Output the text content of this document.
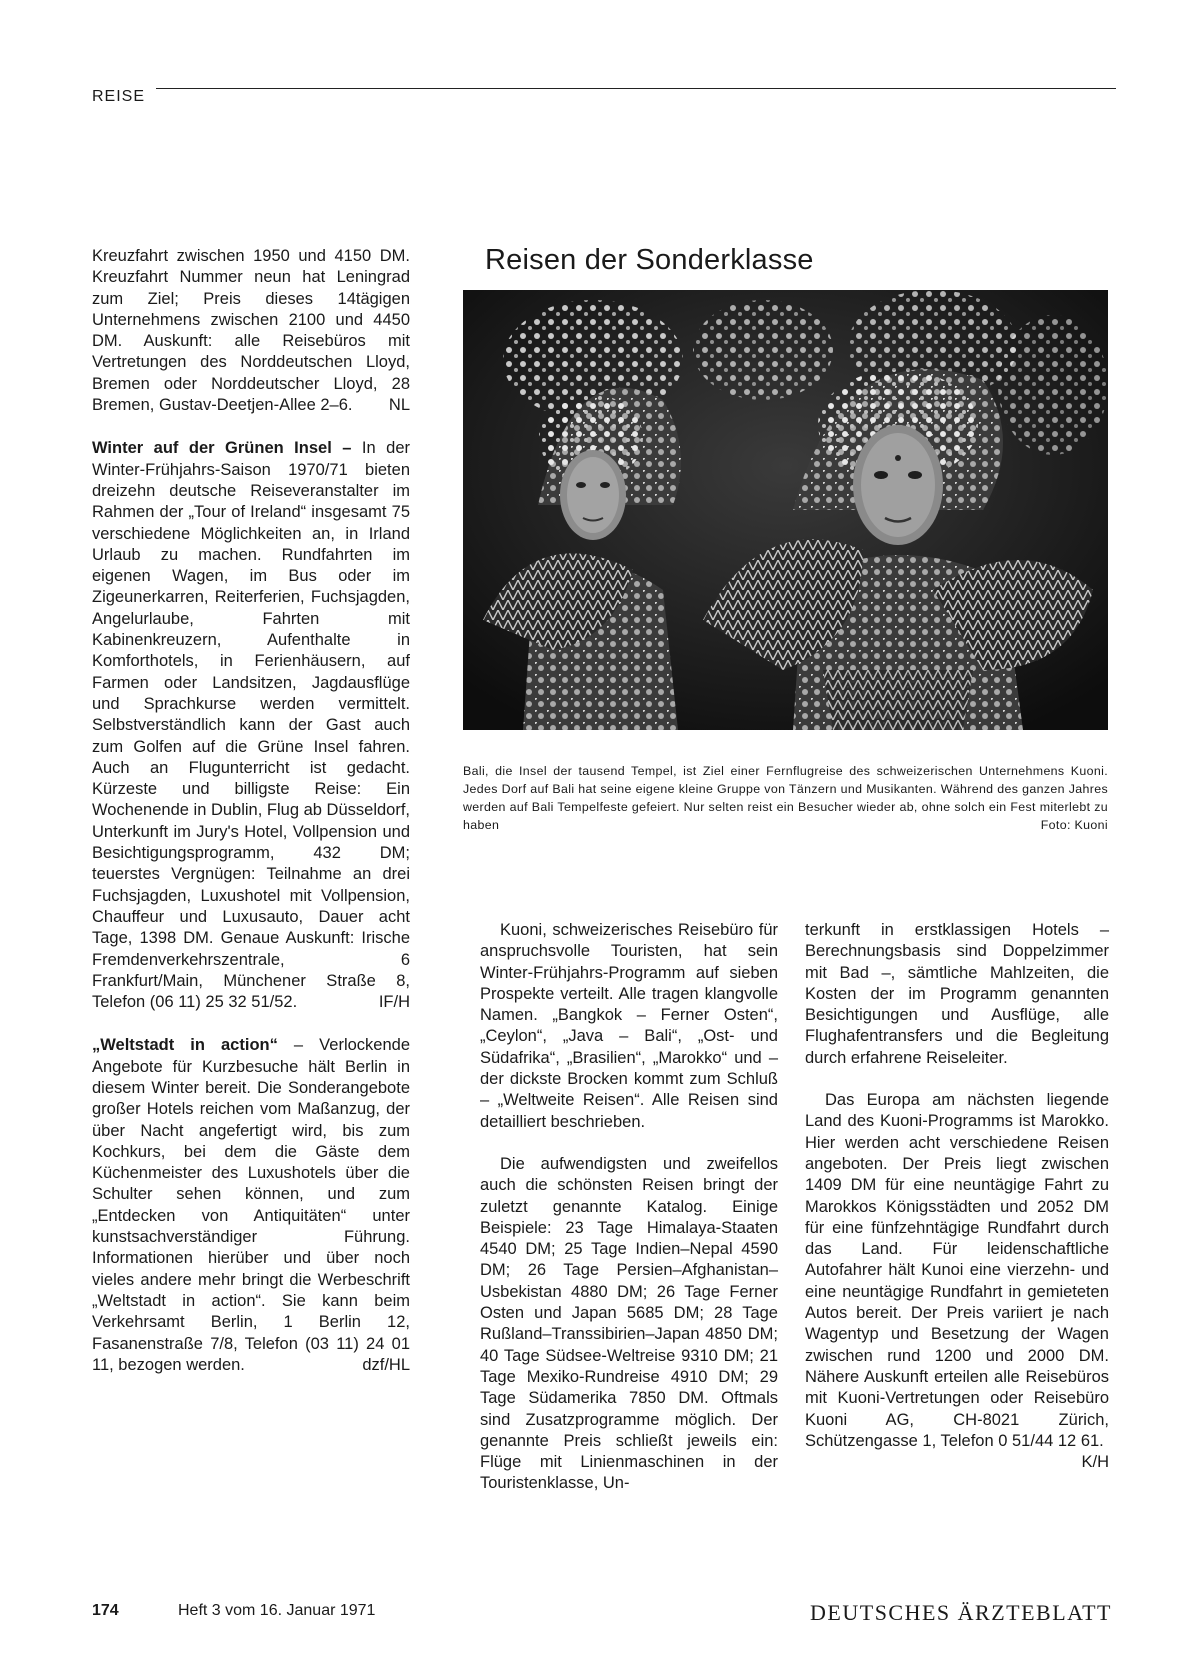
REISE

Kreuzfahrt zwischen 1950 und 4150 DM. Kreuzfahrt Nummer neun hat Leningrad zum Ziel; Preis dieses 14tägigen Unternehmens zwischen 2100 und 4450 DM. Auskunft: alle Reisebüros mit Vertretungen des Norddeutschen Lloyd, Bremen oder Norddeutscher Lloyd, 28 Bremen, Gustav-Deetjen-Allee 2–6. NL

Winter auf der Grünen Insel – In der Winter-Frühjahrs-Saison 1970/71 bieten dreizehn deutsche Reiseveranstalter im Rahmen der „Tour of Ireland“ insgesamt 75 verschiedene Möglichkeiten an, in Irland Urlaub zu machen. Rundfahrten im eigenen Wagen, im Bus oder im Zigeunerkarren, Reiterferien, Fuchsjagden, Angelurlaube, Fahrten mit Kabinenkreuzern, Aufenthalte in Komforthotels, in Ferienhäusern, auf Farmen oder Landsitzen, Jagdausflüge und Sprachkurse werden vermittelt. Selbstverständlich kann der Gast auch zum Golfen auf die Grüne Insel fahren. Auch an Flugunterricht ist gedacht. Kürzeste und billigste Reise: Ein Wochenende in Dublin, Flug ab Düsseldorf, Unterkunft im Jury's Hotel, Vollpension und Besichtigungsprogramm, 432 DM; teuerstes Vergnügen: Teilnahme an drei Fuchsjagden, Luxushotel mit Vollpension, Chauffeur und Luxusauto, Dauer acht Tage, 1398 DM. Genaue Auskunft: Irische Fremdenverkehrszentrale, 6 Frankfurt/Main, Münchener Straße 8, Telefon (06 11) 25 32 51/52.	IF/H

„Weltstadt in action“ – Verlockende Angebote für Kurzbesuche hält Berlin in diesem Winter bereit. Die Sonderangebote großer Hotels reichen vom Maßanzug, der über Nacht angefertigt wird, bis zum Kochkurs, bei dem die Gäste dem Küchenmeister des Luxushotels über die Schulter sehen können, und zum „Entdecken von Antiquitäten“ unter kunstsachverständiger Führung. Informationen hierüber und über noch vieles andere mehr bringt die Werbeschrift „Weltstadt in action“. Sie kann beim Verkehrsamt Berlin, 1 Berlin 12, Fasanenstraße 7/8, Telefon (03 11) 24 01 11, bezogen werden.	dzf/HL

Reisen der Sonderklasse
Bali, die Insel der tausend Tempel, ist Ziel einer Fernflugreise des schweizerischen Unternehmens Kuoni. Jedes Dorf auf Bali hat seine eigene kleine Gruppe von Tänzern und Musikanten. Während des ganzen Jahres werden auf Bali Tempelfeste gefeiert. Nur selten reist ein Besucher wieder ab, ohne solch ein Fest miterlebt zu haben	Foto: Kuoni

Kuoni, schweizerisches Reisebüro für anspruchsvolle Touristen, hat sein Winter-Frühjahrs-Programm auf sieben Prospekte verteilt. Alle tragen klangvolle Namen. „Bangkok – Ferner Osten“, „Ceylon“, „Java – Bali“, „Ost- und Südafrika“, „Brasilien“, „Marokko“ und – der dickste Brocken kommt zum Schluß – „Weltweite Reisen“. Alle Reisen sind detailliert beschrieben.

Die aufwendigsten und zweifellos auch die schönsten Reisen bringt der zuletzt genannte Katalog. Einige Beispiele: 23 Tage Himalaya-Staaten 4540 DM; 25 Tage Indien–Nepal 4590 DM; 26 Tage Persien–Afghanistan–Usbekistan 4880 DM; 26 Tage Ferner Osten und Japan 5685 DM; 28 Tage Rußland–Transsibirien–Japan 4850 DM; 40 Tage Südsee-Weltreise 9310 DM; 21 Tage Mexiko-Rundreise 4910 DM; 29 Tage Südamerika 7850 DM. Oftmals sind Zusatzprogramme möglich. Der genannte Preis schließt jeweils ein: Flüge mit Linienmaschinen in der Touristenklasse, Un-

terkunft in erstklassigen Hotels – Berechnungsbasis sind Doppelzimmer mit Bad –, sämtliche Mahlzeiten, die Kosten der im Programm genannten Besichtigungen und Ausflüge, alle Flughafentransfers und die Begleitung durch erfahrene Reiseleiter.

Das Europa am nächsten liegende Land des Kuoni-Programms ist Marokko. Hier werden acht verschiedene Reisen angeboten. Der Preis liegt zwischen 1409 DM für eine neuntägige Fahrt zu Marokkos Königsstädten und 2052 DM für eine fünfzehntägige Rundfahrt durch das Land. Für leidenschaftliche Autofahrer hält Kunoi eine vierzehn- und eine neuntägige Rundfahrt in gemieteten Autos bereit. Der Preis variiert je nach Wagentyp und Besetzung der Wagen zwischen rund 1200 und 2000 DM. Nähere Auskunft erteilen alle Reisebüros mit Kuoni-Vertretungen oder Reisebüro Kuoni AG, CH-8021 Zürich, Schützengasse 1, Telefon 0 51/44 12 61.
K/H

174	Heft 3 vom 16. Januar 1971	DEUTSCHES ÄRZTEBLATT
